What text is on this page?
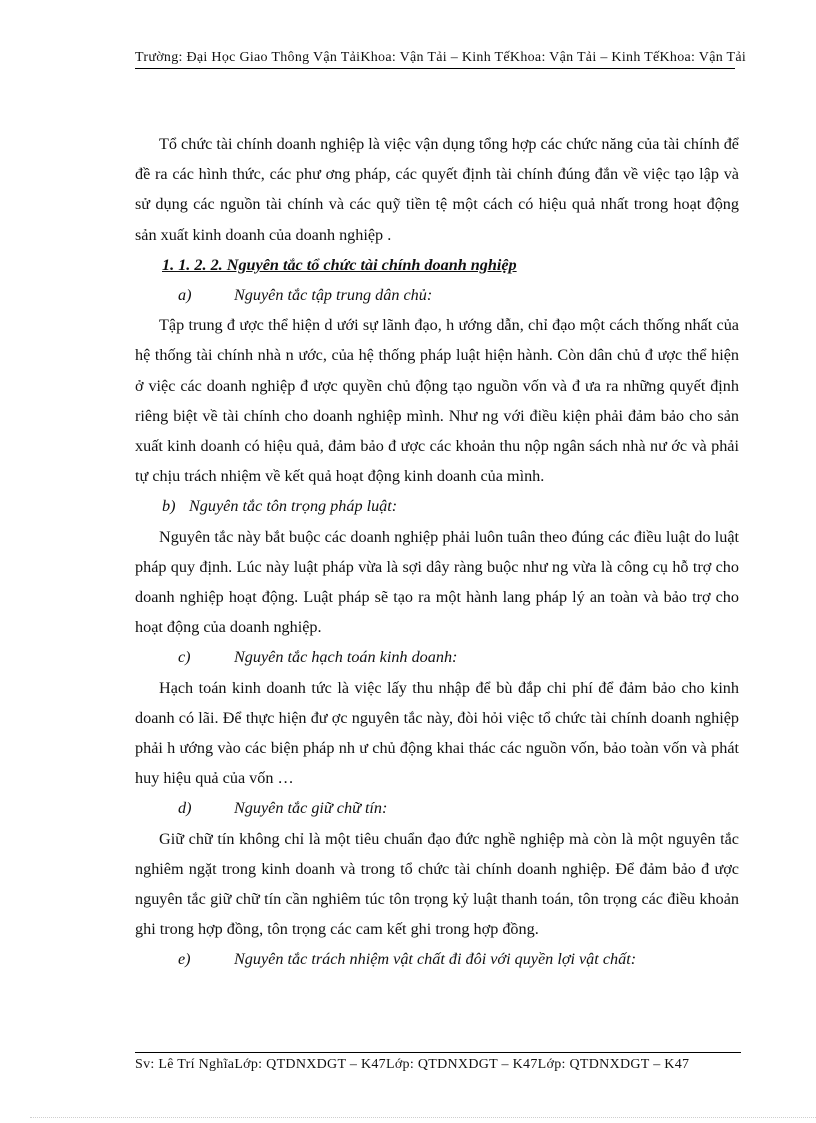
Trường: Đại Học Giao Thông Vận TảiKhoa: Vận Tải – Kinh TếKhoa: Vận Tải – Kinh TếKhoa: Vận Tải

Tổ chức tài chính doanh nghiệp là việc vận dụng tổng hợp các chức năng của tài chính để đề ra các hình thức, các phư ơng pháp, các quyết định tài chính đúng đắn về việc tạo lập và sử dụng các nguồn tài chính và các quỹ tiền tệ một cách có hiệu quả nhất trong hoạt động sản xuất kinh doanh của doanh nghiệp .

1. 1. 2. 2. Nguyên tắc tổ chức tài chính doanh nghiệp

a)	Nguyên tắc tập trung dân chủ:

Tập trung đ ược thể hiện d ưới sự lãnh đạo, h ướng dẫn, chỉ đạo một cách thống nhất của hệ thống tài chính nhà n ước, của hệ thống pháp luật hiện hành. Còn dân chủ đ ược thể hiện ở việc các doanh nghiệp đ ược quyền chủ động tạo nguồn vốn và đ ưa ra những quyết định riêng biệt về tài chính cho doanh nghiệp mình. Như ng với điều kiện phải đảm bảo cho sản xuất kinh doanh có hiệu quả, đảm bảo đ ược các khoản thu nộp ngân sách nhà nư ớc và phải tự chịu trách nhiệm về kết quả hoạt động kinh doanh của mình.

b) Nguyên tắc tôn trọng pháp luật:

Nguyên tắc này bắt buộc các doanh nghiệp phải luôn tuân theo đúng các điều luật do luật pháp quy định. Lúc này luật pháp vừa là sợi dây ràng buộc như ng vừa là công cụ hỗ trợ cho doanh nghiệp hoạt động. Luật pháp sẽ tạo ra một hành lang pháp lý an toàn và bảo trợ cho hoạt động của doanh nghiệp.

c)	Nguyên tắc hạch toán kinh doanh:

Hạch toán kinh doanh tức là việc lấy thu nhập để bù đắp chi phí để đảm bảo cho kinh doanh có lãi. Để thực hiện đư ợc nguyên tắc này, đòi hỏi việc tổ chức tài chính doanh nghiệp phải h ướng vào các biện pháp nh ư chủ động khai thác các nguồn vốn, bảo toàn vốn và phát huy hiệu quả của vốn …

d)	Nguyên tắc giữ chữ tín:

Giữ chữ tín không chỉ là một tiêu chuẩn đạo đức nghề nghiệp mà còn là một nguyên tắc nghiêm ngặt trong kinh doanh và trong tổ chức tài chính doanh nghiệp. Để đảm bảo đ ược nguyên tắc giữ chữ tín cần nghiêm túc tôn trọng kỷ luật thanh toán, tôn trọng các điều khoản ghi trong hợp đồng, tôn trọng các cam kết ghi trong hợp đồng.

e)	Nguyên tắc trách nhiệm vật chất đi đôi với quyền lợi vật chất:

Sv: Lê Trí NghĩaLớp: QTDNXDGT – K47Lớp: QTDNXDGT – K47Lớp: QTDNXDGT – K47
